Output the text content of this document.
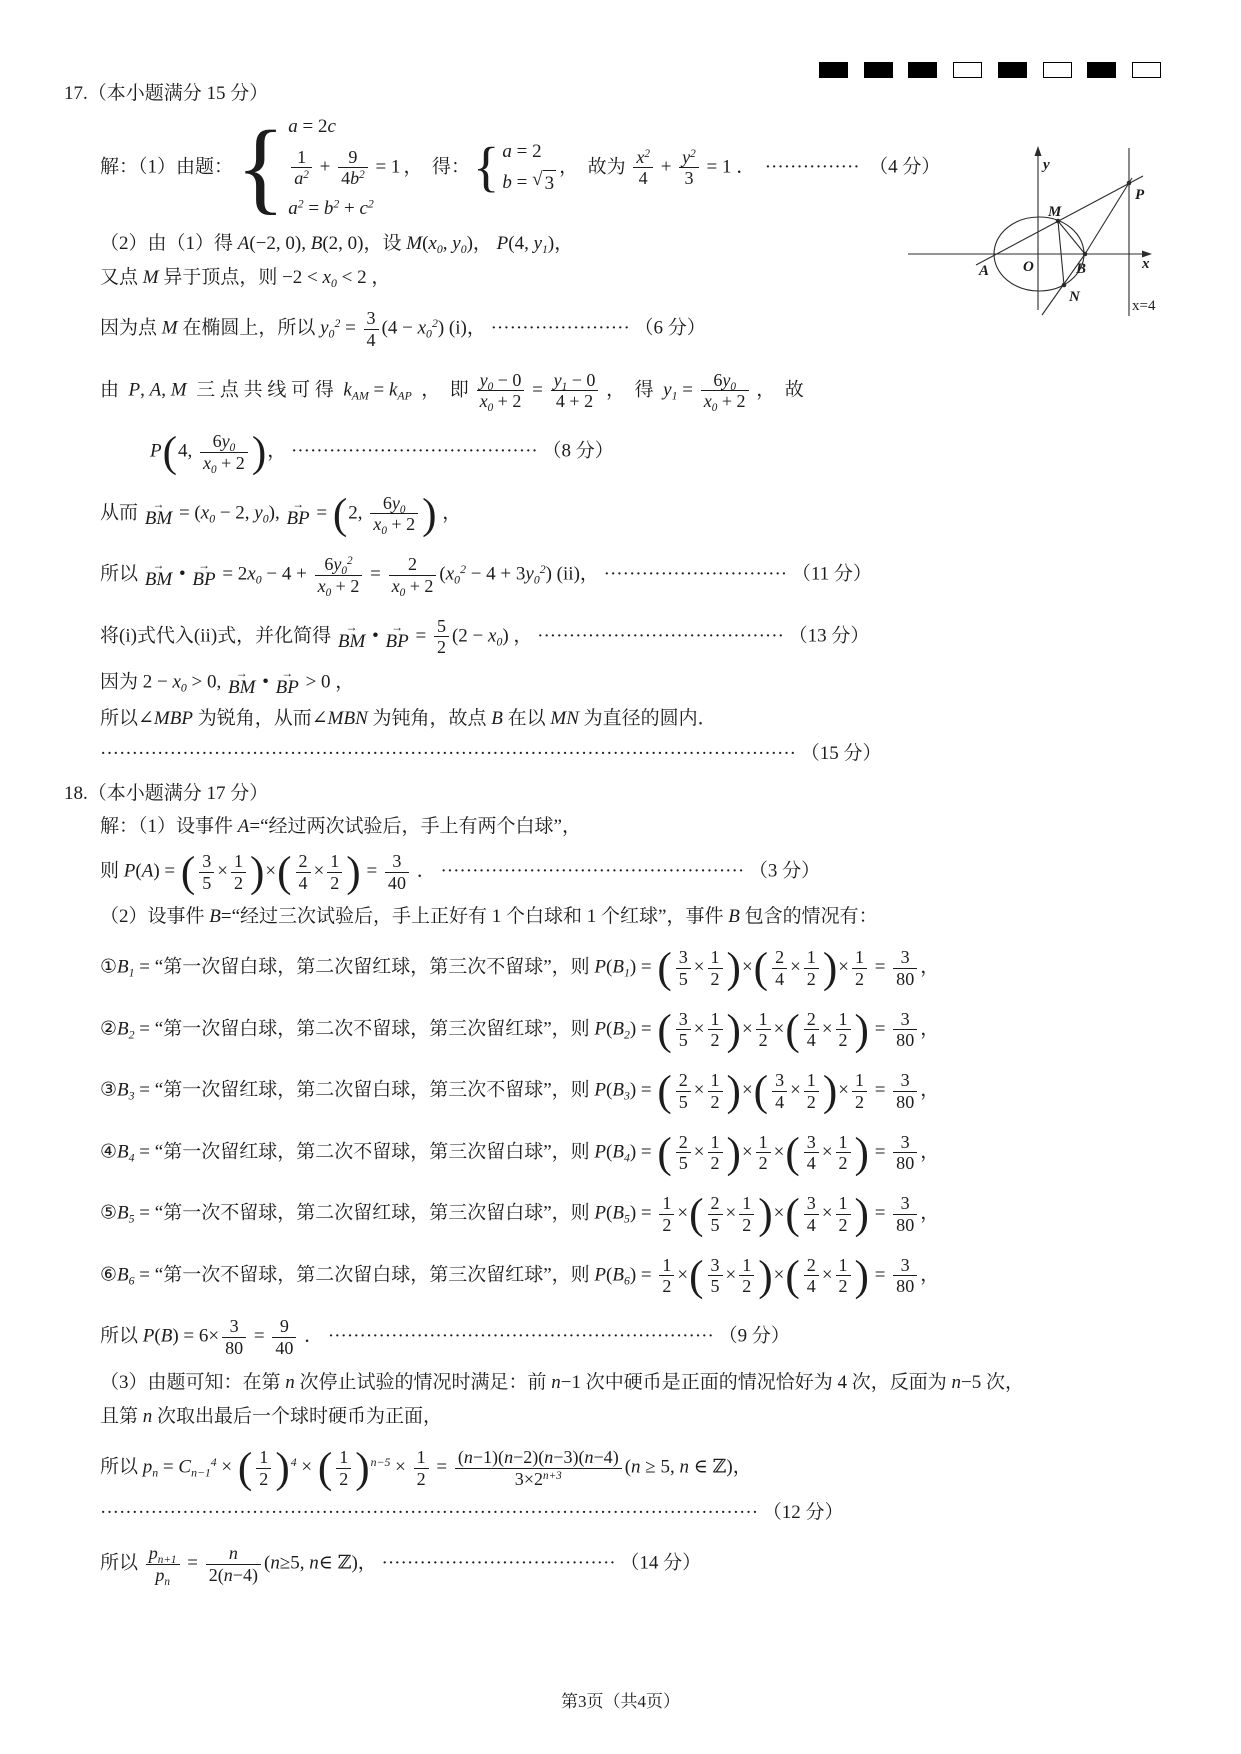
y
M
P
A O	B
N
x
x=4
17.（本小题满分 15 分）
解：（1）由题： { a = 2c
$\frac{1}{a^2} + \frac{9}{4b^2} = 1$
$a^2 = b^2 + c^2$
，  得： { a = 2
b = √ 3
，  故为 $\frac{x^2}{4} + \frac{y^2}{3} = 1$ ．  ···············  （4 分）
（2）由（1）得 A(−2, 0), B(2, 0)，设 $M(x_0$, $y_0$)， P(4, $y_1$)，
又点 M 异于顶点，则 $-2 < x_0 < 2$ ，
因为点 M 在椭圆上，所以 $y_0^2 = \frac{3}{4} (4 - x_0^2)$ (i)， ······················ （6 分）
由  P, A, M  三 点 共 线 可 得  $k_{AM} = k_{AP}$  ，  即 $\frac{y_0 - 0}{x_0 + 2} = \frac{y_1 - 0}{4 + 2}$ ，  得  $y_1 = \frac{6y_0}{x_0 + 2}$ ，  故
P ( 4, $\frac{6y_0}{x_0 + 2}$ ) ， ······································· （8 分）
从而 →
BM = ($x_0 - 2$, $y_0$), →
BP = ( 2, $\frac{6y_0}{x_0 + 2}$ ) ，
所以 →
BM • →
BP = $2x_0 - 4 + \frac{6y_0^2}{x_0 + 2} = \frac{2}{x_0 + 2} (x_0^2 - 4 + 3y_0^2)$ (ii)， ····························· （11 分）
将(i)式代入(ii)式，并化简得 →
BM • →
BP = $\frac{5}{2} (2 - x_0)$ ， ······································· （13 分）
因为 $2 - x_0 > 0$, →
BM • →
BP > 0 ，
所以∠MBP 为锐角，从而∠MBN 为钝角，故点 B 在以 MN 为直径的圆内．
·············································································································· （15 分）
18.（本小题满分 17 分）
解：（1）设事件 A=“经过两次试验后，手上有两个白球”，
则 P(A) = ( $\frac{3}{5} \times \frac{1}{2}$ ) × ( $\frac{2}{4} \times \frac{1}{2}$ ) = $\frac{3}{40}$ ． ················································ （3 分）
（2）设事件 B=“经过三次试验后，手上正好有 1 个白球和 1 个红球”，事件 B 包含的情况有：
$①B_1$ = “第一次留白球，第二次留红球，第三次不留球”，则 $P(B_1)$ = ( $\frac{3}{5} \times \frac{1}{2}$ ) × ( $\frac{2}{4} \times \frac{1}{2}$ ) × $\frac{1}{2} = \frac{3}{80}$ ，
$②B_2$ = “第一次留白球，第二次不留球，第三次留红球”，则 $P(B_2)$ = ( $\frac{3}{5} \times \frac{1}{2}$ ) × $\frac{1}{2}$ × ( $\frac{2}{4} \times \frac{1}{2}$ ) = $\frac{3}{80}$ ，
$③B_3$ = “第一次留红球，第二次留白球，第三次不留球”，则 $P(B_3)$ = ( $\frac{2}{5} \times \frac{1}{2}$ ) × ( $\frac{3}{4} \times \frac{1}{2}$ ) × $\frac{1}{2} = \frac{3}{80}$ ，
$④B_4$ = “第一次留红球，第二次不留球，第三次留白球”，则 $P(B_4)$ = ( $\frac{2}{5} \times \frac{1}{2}$ ) × $\frac{1}{2}$ × ( $\frac{3}{4} \times \frac{1}{2}$ ) = $\frac{3}{80}$ ，
$⑤B_5$ = “第一次不留球，第二次留红球，第三次留白球”，则 $P(B_5) = \frac{1}{2}$ × ( $\frac{2}{5} \times \frac{1}{2}$ ) × ( $\frac{3}{4} \times \frac{1}{2}$ ) = $\frac{3}{80}$ ，
$⑥B_6$ = “第一次不留球，第二次留白球，第三次留红球”，则 $P(B_6) = \frac{1}{2}$ × ( $\frac{3}{5} \times \frac{1}{2}$ ) × ( $\frac{2}{4} \times \frac{1}{2}$ ) = $\frac{3}{80}$ ，
所以 $P(B) = 6\times \frac{3}{80} = \frac{9}{40}$ ． ····························································· （9 分）
（3）由题可知：在第 n 次停止试验的情况时满足：前 n−1 次中硬币是正面的情况恰好为 4 次，反面为 n−5 次，
且第 n 次取出最后一个球时硬币为正面，
所以 $p_n = C_{n-1}^4$ × ( $\frac{1}{2}$ ) $^4$ × ( $\frac{1}{2}$ ) $^{n-5} \times \frac{1}{2} = \frac{(n-1)(n-2)(n-3)(n-4)}{3\times 2^{n+3}} (n \ge 5$, n ∈ ℤ)，
········································································································ （12 分）
所以 $\frac{p_{n+1}}{p_n} = \frac{n}{2(n-4)} (n\ge 5$, n∈ ℤ)， ····································· （14 分）
第3页（共4页）
